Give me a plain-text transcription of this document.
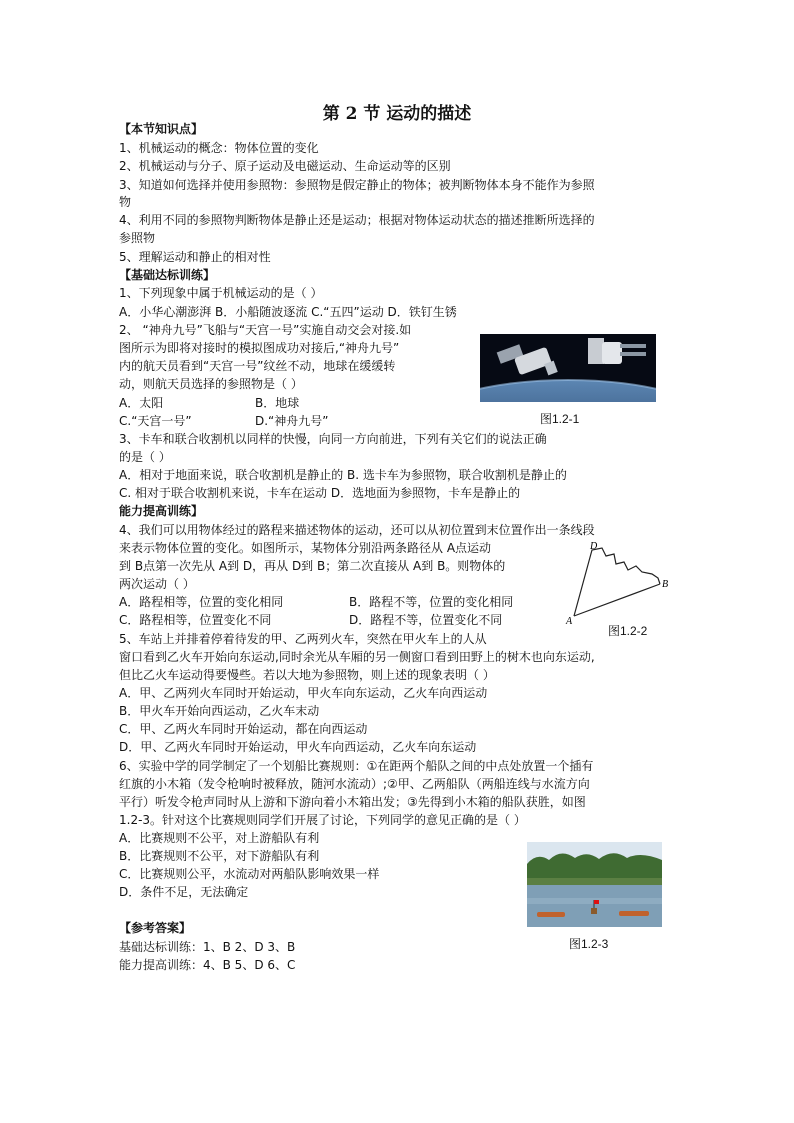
第 2 节 运动的描述
【本节知识点】
1、机械运动的概念：物体位置的变化
2、机械运动与分子、原子运动及电磁运动、生命运动等的区别
3、知道如何选择并使用参照物：参照物是假定静止的物体；被判断物体本身不能作为参照
物
4、利用不同的参照物判断物体是静止还是运动；根据对物体运动状态的描述推断所选择的
参照物
5、理解运动和静止的相对性
【基础达标训练】
1、下列现象中属于机械运动的是（ ）
A．小华心潮澎湃 B．小船随波逐流 C.“五四”运动 D．铁钉生锈
2、 “神舟九号”飞船与“天宫一号”实施自动交会对接.如
图所示为即将对接时的模拟图成功对接后,“神舟九号”
内的航天员看到“天宫一号”纹丝不动，地球在缓缓转
动，则航天员选择的参照物是（ ）
A．太阳	B．地球
C.“天宫一号”	D.“神舟九号”	图1.2-1
3、卡车和联合收割机以同样的快慢，向同一方向前进，下列有关它们的说法正确
的是（ ）
A．相对于地面来说，联合收割机是静止的 B. 选卡车为参照物，联合收割机是静止的
C. 相对于联合收割机来说，卡车在运动 D．选地面为参照物，卡车是静止的
能力提高训练】
4、我们可以用物体经过的路程来描述物体的运动，还可以从初位置到末位置作出一条线段
来表示物体位置的变化。如图所示，某物体分别沿两条路径从 A点运动
到 B点第一次先从 A到 D，再从 D到 B；第二次直接从 A到 B。则物体的
两次运动（ ）
A．路程相等，位置的变化相同	B．路程不等，位置的变化相同
C．路程相等，位置变化不同	D．路程不等，位置变化不同
D
B
A
图1.2-2
5、车站上并排着停着待发的甲、乙两列火车，突然在甲火车上的人从
窗口看到乙火车开始向东运动,同时余光从车厢的另一侧窗口看到田野上的树木也向东运动,
但比乙火车运动得要慢些。若以大地为参照物，则上述的现象表明（ ）
A．甲、乙两列火车同时开始运动，甲火车向东运动，乙火车向西运动
B．甲火车开始向西运动，乙火车末动
C．甲、乙两火车同时开始运动，都在向西运动
D．甲、乙两火车同时开始运动，甲火车向西运动，乙火车向东运动
6、实验中学的同学制定了一个划船比赛规则：①在距两个船队之间的中点处放置一个插有
红旗的小木箱（发令枪响时被释放，随河水流动）;②甲、乙两船队（两船连线与水流方向
平行）听发令枪声同时从上游和下游向着小木箱出发；③先得到小木箱的船队获胜，如图
1.2-3。针对这个比赛规则同学们开展了讨论，下列同学的意见正确的是（ ）
A．比赛规则不公平，对上游船队有利
B．比赛规则不公平，对下游船队有利
C．比赛规则公平，水流动对两船队影响效果一样
D．条件不足，无法确定
图1.2-3
【参考答案】
基础达标训练：1、B 2、D 3、B
能力提高训练：4、B 5、D 6、C
